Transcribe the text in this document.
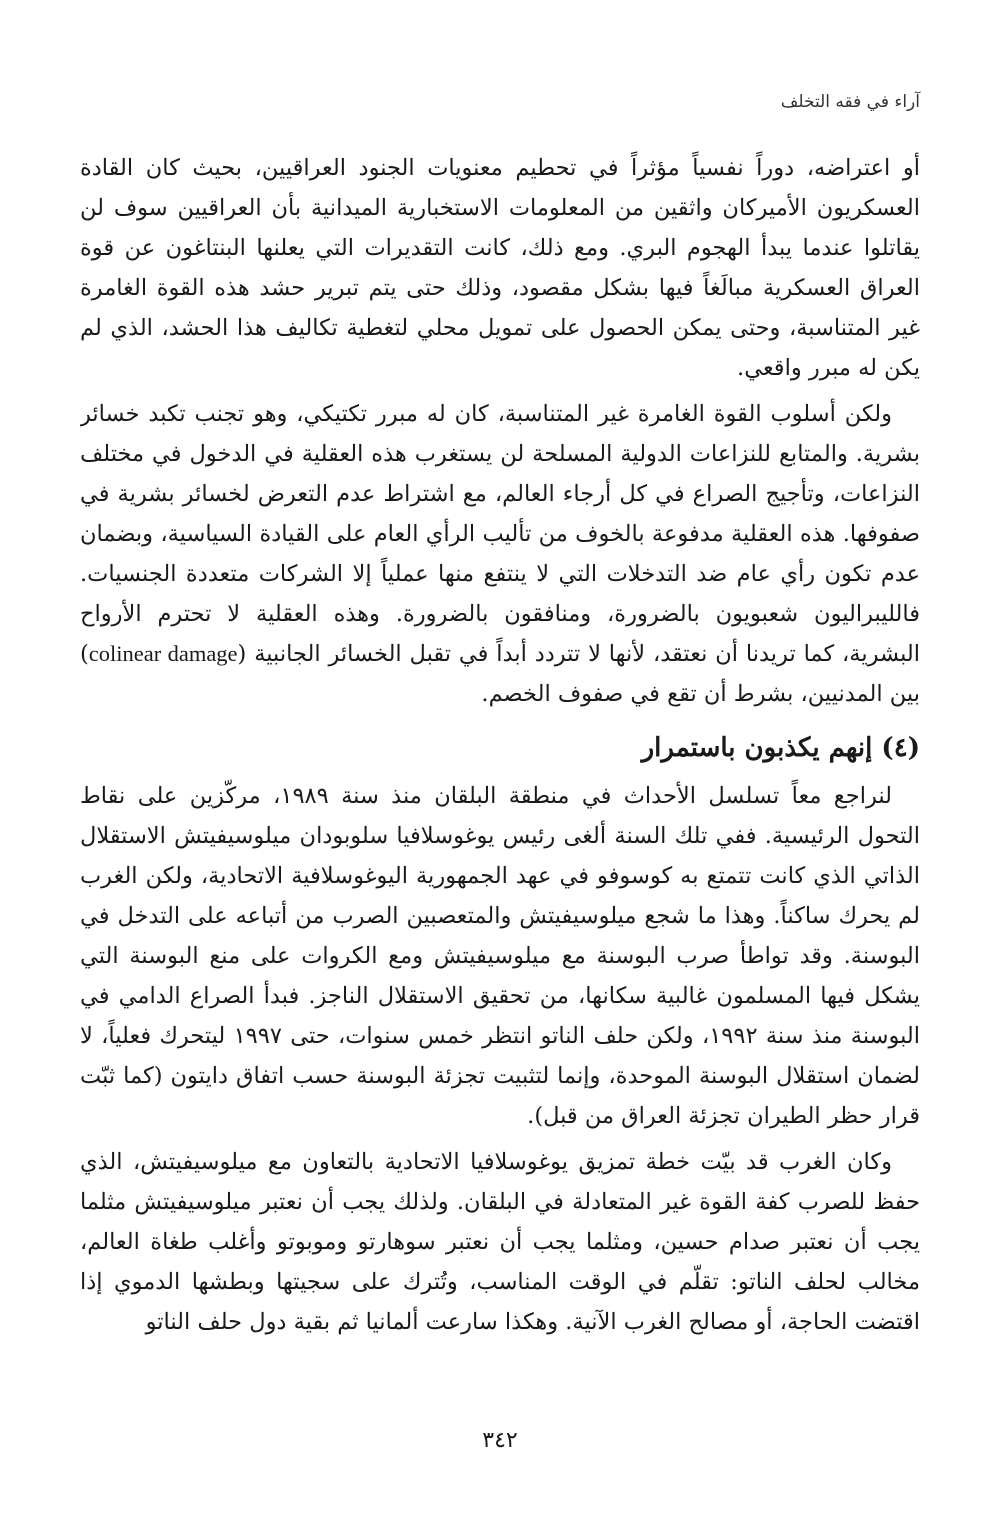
آراء في فقه التخلف

أو اعتراضه، دوراً نفسياً مؤثراً في تحطيم معنويات الجنود العراقيين، بحيث كان القادة العسكريون الأميركان واثقين من المعلومات الاستخبارية الميدانية بأن العراقيين سوف لن يقاتلوا عندما يبدأ الهجوم البري. ومع ذلك، كانت التقديرات التي يعلنها البنتاغون عن قوة العراق العسكرية مبالَغاً فيها بشكل مقصود، وذلك حتى يتم تبرير حشد هذه القوة الغامرة غير المتناسبة، وحتى يمكن الحصول على تمويل محلي لتغطية تكاليف هذا الحشد، الذي لم يكن له مبرر واقعي.

ولكن أسلوب القوة الغامرة غير المتناسبة، كان له مبرر تكتيكي، وهو تجنب تكبد خسائر بشرية. والمتابع للنزاعات الدولية المسلحة لن يستغرب هذه العقلية في الدخول في مختلف النزاعات، وتأجيج الصراع في كل أرجاء العالم، مع اشتراط عدم التعرض لخسائر بشرية في صفوفها. هذه العقلية مدفوعة بالخوف من تأليب الرأي العام على القيادة السياسية، وبضمان عدم تكون رأي عام ضد التدخلات التي لا ينتفع منها عملياً إلا الشركات متعددة الجنسيات. فالليبراليون شعبويون بالضرورة، ومنافقون بالضرورة. وهذه العقلية لا تحترم الأرواح البشرية، كما تريدنا أن نعتقد، لأنها لا تتردد أبداً في تقبل الخسائر الجانبية (colinear damage) بين المدنيين، بشرط أن تقع في صفوف الخصم.

(٤) إنهم يكذبون باستمرار

لنراجع معاً تسلسل الأحداث في منطقة البلقان منذ سنة ١٩٨٩، مركّزين على نقاط التحول الرئيسية. ففي تلك السنة ألغى رئيس يوغوسلافيا سلوبودان ميلوسيفيتش الاستقلال الذاتي الذي كانت تتمتع به كوسوفو في عهد الجمهورية اليوغوسلافية الاتحادية، ولكن الغرب لم يحرك ساكناً. وهذا ما شجع ميلوسيفيتش والمتعصبين الصرب من أتباعه على التدخل في البوسنة. وقد تواطأ صرب البوسنة مع ميلوسيفيتش ومع الكروات على منع البوسنة التي يشكل فيها المسلمون غالبية سكانها، من تحقيق الاستقلال الناجز. فبدأ الصراع الدامي في البوسنة منذ سنة ١٩٩٢، ولكن حلف الناتو انتظر خمس سنوات، حتى ١٩٩٧ ليتحرك فعلياً، لا لضمان استقلال البوسنة الموحدة، وإنما لتثبيت تجزئة البوسنة حسب اتفاق دايتون (كما ثبّت قرار حظر الطيران تجزئة العراق من قبل).

وكان الغرب قد بيّت خطة تمزيق يوغوسلافيا الاتحادية بالتعاون مع ميلوسيفيتش، الذي حفظ للصرب كفة القوة غير المتعادلة في البلقان. ولذلك يجب أن نعتبر ميلوسيفيتش مثلما يجب أن نعتبر صدام حسين، ومثلما يجب أن نعتبر سوهارتو وموبوتو وأغلب طغاة العالم، مخالب لحلف الناتو: تقلّم في الوقت المناسب، وتُترك على سجيتها وبطشها الدموي إذا اقتضت الحاجة، أو مصالح الغرب الآنية. وهكذا سارعت ألمانيا ثم بقية دول حلف الناتو

٣٤٢
